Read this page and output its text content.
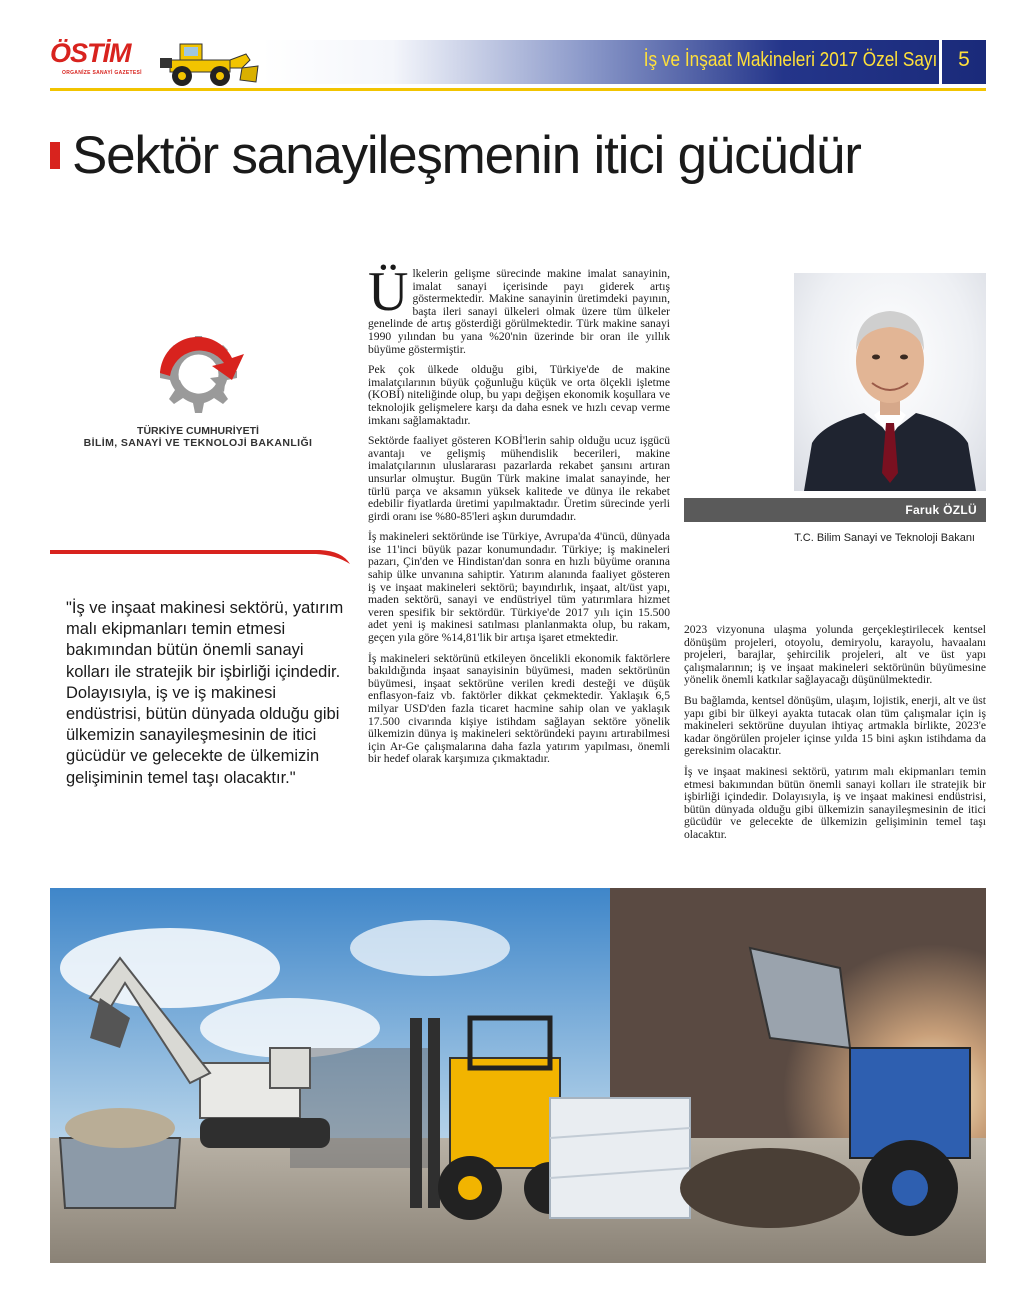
ÖSTİM
ORGANİZE SANAYİ GAZETESİ
İş ve İnşaat Makineleri 2017 Özel Sayı	5
Sektör sanayileşmenin itici gücüdür
TÜRKİYE CUMHURİYETİ
BİLİM, SANAYİ VE TEKNOLOJİ BAKANLIĞI
"İş ve inşaat makinesi sektörü, yatırım malı ekipmanları temin etmesi bakımından bütün önemli sanayi kolları ile stratejik bir işbirliği içindedir. Dolayısıyla, iş ve iş makinesi endüstrisi, bütün dünyada olduğu gibi ülkemizin sanayileşmesinin de itici gücüdür ve gelecekte de ülkemizin gelişiminin temel taşı olacaktır."

Ülkelerin gelişme sürecinde makine imalat sanayinin, imalat sanayi içerisinde payı giderek artış göstermektedir. Makine sanayinin üretimdeki payının, başta ileri sanayi ülkeleri olmak üzere tüm ülkeler genelinde de artış gösterdiği görülmektedir. Türk makine sanayi 1990 yılından bu yana %20'nin üzerinde bir oran ile yıllık büyüme göstermiştir.

Pek çok ülkede olduğu gibi, Türkiye'de de makine imalatçılarının büyük çoğunluğu küçük ve orta ölçekli işletme (KOBİ) niteliğinde olup, bu yapı değişen ekonomik koşullara ve teknolojik gelişmelere karşı da daha esnek ve hızlı cevap verme imkanı sağlamaktadır.

Sektörde faaliyet gösteren KOBİ'lerin sahip olduğu ucuz işgücü avantajı ve gelişmiş mühendislik becerileri, makine imalatçılarının uluslararası pazarlarda rekabet şansını artıran unsurlar olmuştur. Bugün Türk makine imalat sanayinde, her türlü parça ve aksamın yüksek kalitede ve dünya ile rekabet edebilir fiyatlarda üretimi yapılmaktadır. Üretim sürecinde yerli girdi oranı ise %80-85'leri aşkın durumdadır.

İş makineleri sektöründe ise Türkiye, Avrupa'da 4'üncü, dünyada ise 11'inci büyük pazar konumundadır. Türkiye; iş makineleri pazarı, Çin'den ve Hindistan'dan sonra en hızlı büyüme oranına sahip ülke unvanına sahiptir. Yatırım alanında faaliyet gösteren iş ve inşaat makineleri sektörü; bayındırlık, inşaat, alt/üst yapı, maden sektörü, sanayi ve endüstriyel tüm yatırımlara hizmet veren spesifik bir sektördür. Türkiye'de 2017 yılı için 15.500 adet yeni iş makinesi satılması planlanmakta olup, bu rakam, geçen yıla göre %14,81'lik bir artışa işaret etmektedir.

İş makineleri sektörünü etkileyen öncelikli ekonomik faktörlere bakıldığında inşaat sanayisinin büyümesi, maden sektörünün büyümesi, inşaat sektörüne verilen kredi desteği ve düşük enflasyon-faiz vb. faktörler dikkat çekmektedir. Yaklaşık 6,5 milyar USD'den fazla ticaret hacmine sahip olan ve yaklaşık 17.500 civarında kişiye istihdam sağlayan sektöre yönelik ülkemizin dünya iş makineleri sektöründeki payını artırabilmesi için Ar-Ge çalışmalarına daha fazla yatırım yapılması, önemli bir hedef olarak karşımıza çıkmaktadır.

Faruk ÖZLÜ
T.C. Bilim Sanayi ve Teknoloji Bakanı

2023 vizyonuna ulaşma yolunda gerçekleştirilecek kentsel dönüşüm projeleri, otoyolu, demiryolu, karayolu, havaalanı projeleri, barajlar, şehircilik projeleri, alt ve üst yapı çalışmalarının; iş ve inşaat makineleri sektörünün büyümesine yönelik önemli katkılar sağlayacağı düşünülmektedir.

Bu bağlamda, kentsel dönüşüm, ulaşım, lojistik, enerji, alt ve üst yapı gibi bir ülkeyi ayakta tutacak olan tüm çalışmalar için iş makineleri sektörüne duyulan ihtiyaç artmakla birlikte, 2023'e kadar öngörülen projeler içinse yılda 15 bini aşkın istihdama da gereksinim olacaktır.

İş ve inşaat makinesi sektörü, yatırım malı ekipmanları temin etmesi bakımından bütün önemli sanayi kolları ile stratejik bir işbirliği içindedir. Dolayısıyla, iş ve inşaat makinesi endüstrisi, bütün dünyada olduğu gibi ülkemizin sanayileşmesinin de itici gücüdür ve gelecekte de ülkemizin gelişiminin temel taşı olacaktır.
